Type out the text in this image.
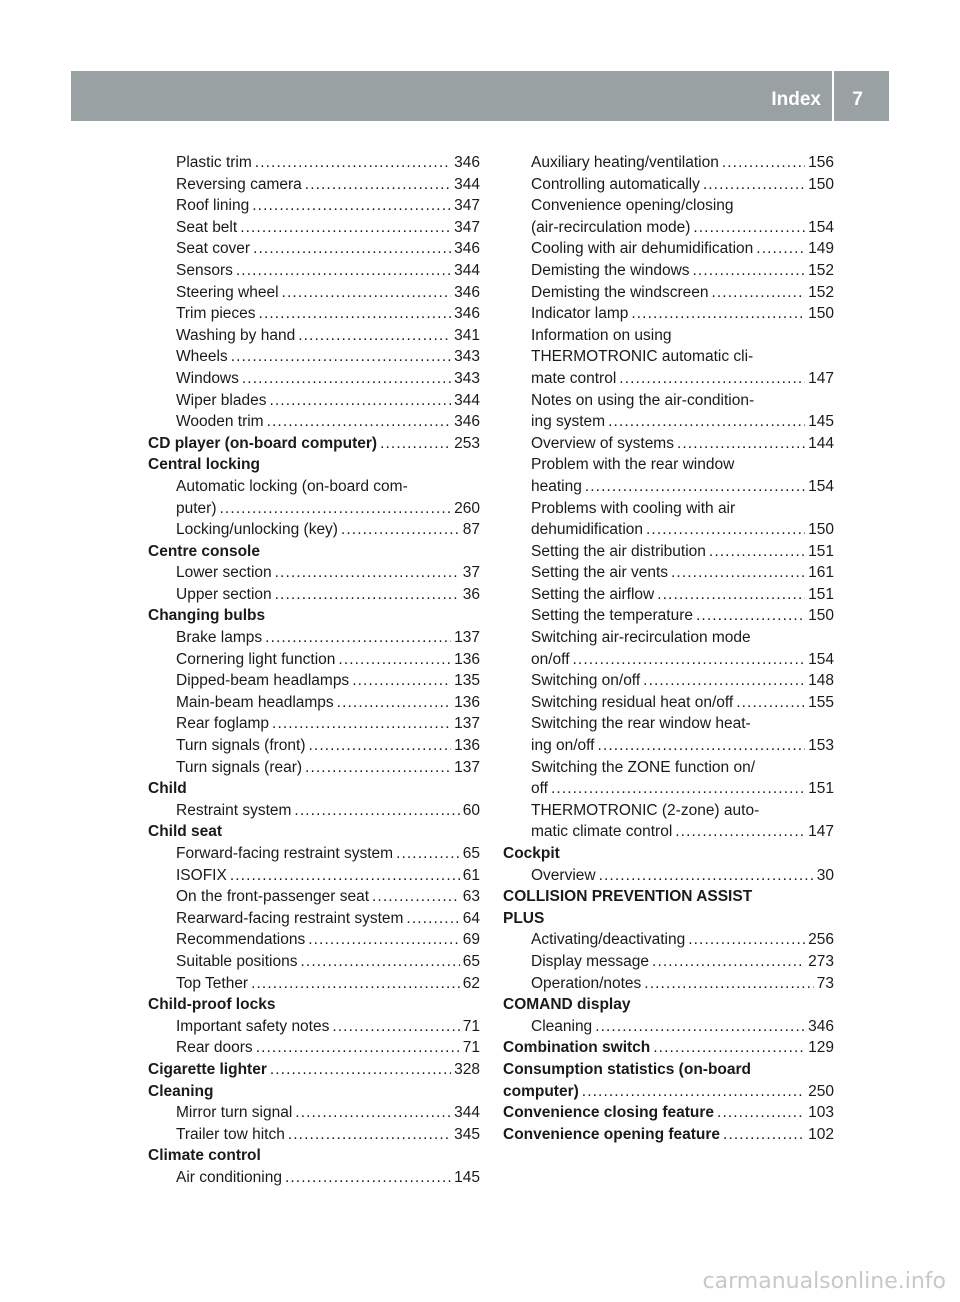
Index 7
Plastic trim . . .	346
Reversing camera . . .	344
Roof lining . . .	347
Seat belt . . .	347
Seat cover . . .	346
Sensors . . .	344
Steering wheel . . .	346
Trim pieces . . .	346
Washing by hand . . .	341
Wheels . . .	343
Windows . . .	343
Wiper blades . . .	344
Wooden trim . . .	346
CD player (on-board computer) . . .	253
Central locking
Automatic locking (on-board com-
puter) . . .	260
Locking/unlocking (key) . . .	87
Centre console
Lower section . . .	37
Upper section . . .	36
Changing bulbs
Brake lamps . . .	137
Cornering light function . . .	136
Dipped-beam headlamps . . .	135
Main-beam headlamps . . .	136
Rear foglamp . . .	137
Turn signals (front) . . .	136
Turn signals (rear) . . .	137
Child
Restraint system . . .	60
Child seat
Forward-facing restraint system . . .	65
ISOFIX . . .	61
On the front-passenger seat . . .	63
Rearward-facing restraint system . . .	64
Recommendations . . .	69
Suitable positions . . .	65
Top Tether . . .	62
Child-proof locks
Important safety notes . . .	71
Rear doors . . .	71
Cigarette lighter . . .	328
Cleaning
Mirror turn signal . . .	344
Trailer tow hitch . . .	345
Climate control
Air conditioning . . .	145
Auxiliary heating/ventilation . . .	156
Controlling automatically . . .	150
Convenience opening/closing
(air-recirculation mode) . . .	154
Cooling with air dehumidification . . .	149
Demisting the windows . . .	152
Demisting the windscreen . . .	152
Indicator lamp . . .	150
Information on using
THERMOTRONIC automatic cli-
mate control . . .	147
Notes on using the air-condition-
ing system . . .	145
Overview of systems . . .	144
Problem with the rear window
heating . . .	154
Problems with cooling with air
dehumidification . . .	150
Setting the air distribution . . .	151
Setting the air vents . . .	161
Setting the airflow . . .	151
Setting the temperature . . .	150
Switching air-recirculation mode
on/off . . .	154
Switching on/off . . .	148
Switching residual heat on/off . . .	155
Switching the rear window heat-
ing on/off . . .	153
Switching the ZONE function on/
off . . .	151
THERMOTRONIC (2-zone) auto-
matic climate control . . .	147
Cockpit
Overview . . .	30
COLLISION PREVENTION ASSIST
PLUS
Activating/deactivating . . .	256
Display message . . .	273
Operation/notes . . .	73
COMAND display
Cleaning . . .	346
Combination switch . . .	129
Consumption statistics (on-board
computer) . . .	250
Convenience closing feature . . .	103
Convenience opening feature . . .	102
carmanualsonline.info
